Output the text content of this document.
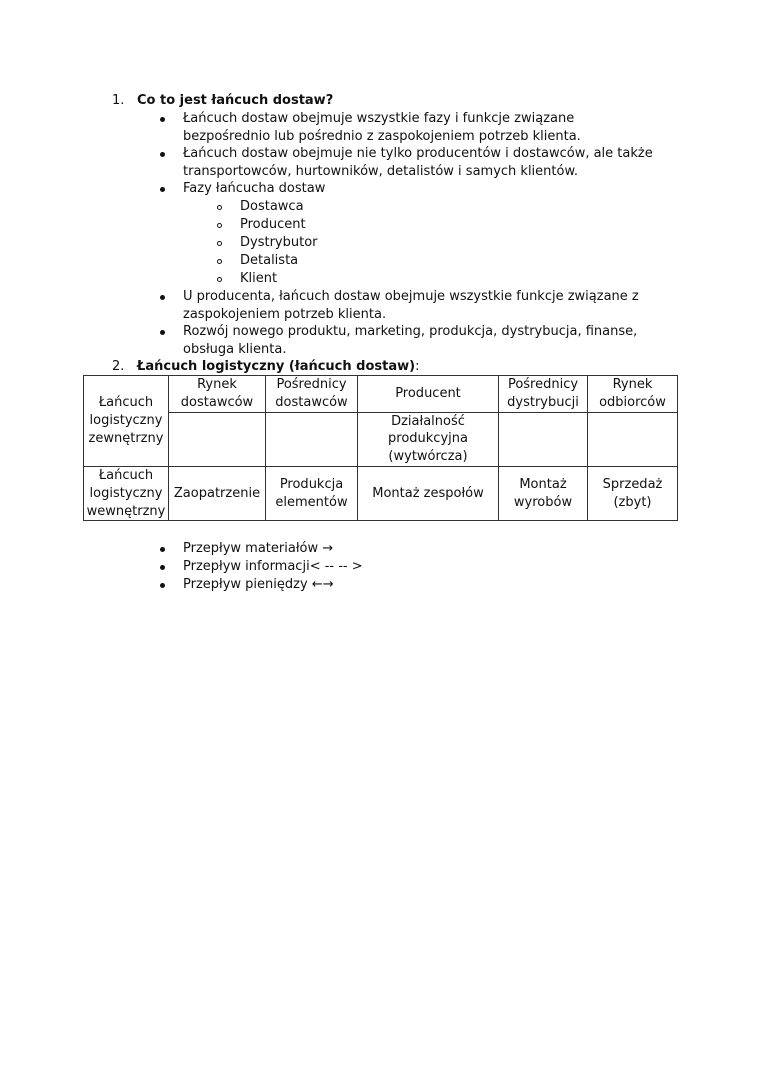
1. Co to jest łańcuch dostaw?
Łańcuch dostaw obejmuje wszystkie fazy i funkcje związane bezpośrednio lub pośrednio z zaspokojeniem potrzeb klienta.
Łańcuch dostaw obejmuje nie tylko producentów i dostawców, ale także transportowców, hurtowników, detalistów i samych klientów.
Fazy łańcucha dostaw
Dostawca
Producent
Dystrybutor
Detalista
Klient
U producenta, łańcuch dostaw obejmuje wszystkie funkcje związane z zaspokojeniem potrzeb klienta.
Rozwój nowego produktu, marketing, produkcja, dystrybucja, finanse, obsługa klienta.
2. Łańcuch logistyczny (łańcuch dostaw):
Łańcuch logistyczny zewnętrzny	Rynek dostawców	Pośrednicy dostawców	Producent	Pośrednicy dystrybucji	Rynek odbiorców
			Działalność produkcyjna (wytwórcza)		
Łańcuch logistyczny wewnętrzny	Zaopatrzenie	Produkcja elementów	Montaż zespołów	Montaż wyrobów	Sprzedaż (zbyt)
Przepływ materiałów →
Przepływ informacji< -- -- >
Przepływ pieniędzy ←→
